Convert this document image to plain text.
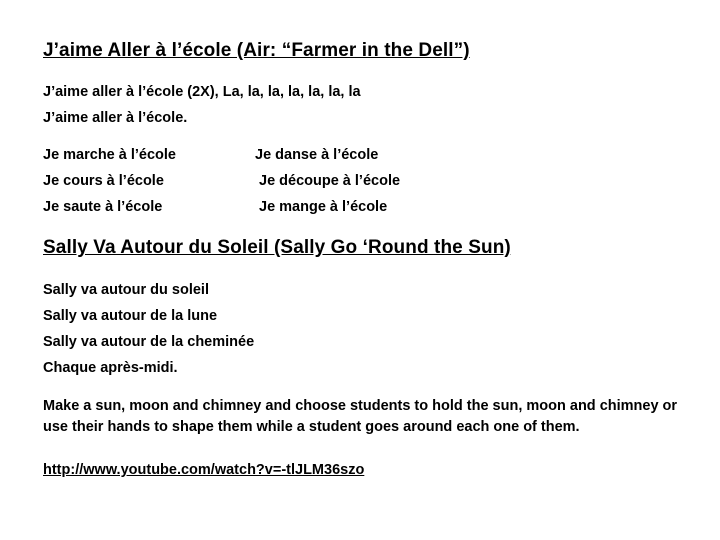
J’aime Aller à l’école (Air: “Farmer in the Dell”)
J’aime aller à l’école (2X), La, la, la, la, la, la, la
J’aime aller à l’école.
Je marche à l’école
Je cours à l’école
Je saute à l’école
Je danse à l’école
Je découpe à l’école
Je mange à l’école
Sally Va Autour du Soleil (Sally Go ‘Round the Sun)
Sally va autour du soleil
Sally va autour de la lune
Sally va autour de la cheminée
Chaque après-midi.
Make a sun, moon and chimney and choose students to hold the sun, moon and chimney or use their hands to shape them while a student goes around each one of them.
http://www.youtube.com/watch?v=-tlJLM36szo
